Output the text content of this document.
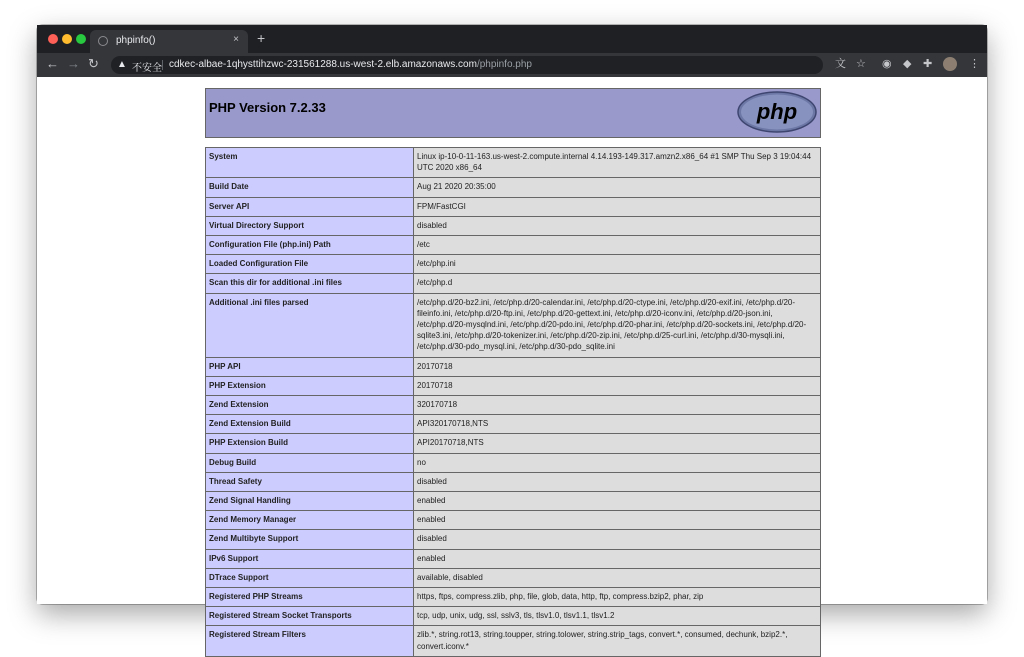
phpinfo()	× +
← → ↻ ▲ 不安全 cdkec-albae-1qhysttihzwc-231561288.us-west-2.elb.amazonaws.com/phpinfo.php	文 ☆ ◉ ◆ ✚	⋮
PHP Version 7.2.33	php
System	Linux ip-10-0-11-163.us-west-2.compute.internal 4.14.193-149.317.amzn2.x86_64 #1 SMP Thu Sep 3 19:04:44 UTC 2020 x86_64
Build Date	Aug 21 2020 20:35:00
Server API	FPM/FastCGI
Virtual Directory Support	disabled
Configuration File (php.ini) Path	/etc
Loaded Configuration File	/etc/php.ini
Scan this dir for additional .ini files	/etc/php.d
Additional .ini files parsed	/etc/php.d/20-bz2.ini, /etc/php.d/20-calendar.ini, /etc/php.d/20-ctype.ini, /etc/php.d/20-exif.ini, /etc/php.d/20-fileinfo.ini, /etc/php.d/20-ftp.ini, /etc/php.d/20-gettext.ini, /etc/php.d/20-iconv.ini, /etc/php.d/20-json.ini, /etc/php.d/20-mysqlnd.ini, /etc/php.d/20-pdo.ini, /etc/php.d/20-phar.ini, /etc/php.d/20-sockets.ini, /etc/php.d/20-sqlite3.ini, /etc/php.d/20-tokenizer.ini, /etc/php.d/20-zip.ini, /etc/php.d/25-curl.ini, /etc/php.d/30-mysqli.ini, /etc/php.d/30-pdo_mysql.ini, /etc/php.d/30-pdo_sqlite.ini
PHP API	20170718
PHP Extension	20170718
Zend Extension	320170718
Zend Extension Build	API320170718,NTS
PHP Extension Build	API20170718,NTS
Debug Build	no
Thread Safety	disabled
Zend Signal Handling	enabled
Zend Memory Manager	enabled
Zend Multibyte Support	disabled
IPv6 Support	enabled
DTrace Support	available, disabled
Registered PHP Streams	https, ftps, compress.zlib, php, file, glob, data, http, ftp, compress.bzip2, phar, zip
Registered Stream Socket Transports	tcp, udp, unix, udg, ssl, sslv3, tls, tlsv1.0, tlsv1.1, tlsv1.2
Registered Stream Filters	zlib.*, string.rot13, string.toupper, string.tolower, string.strip_tags, convert.*, consumed, dechunk, bzip2.*, convert.iconv.*
